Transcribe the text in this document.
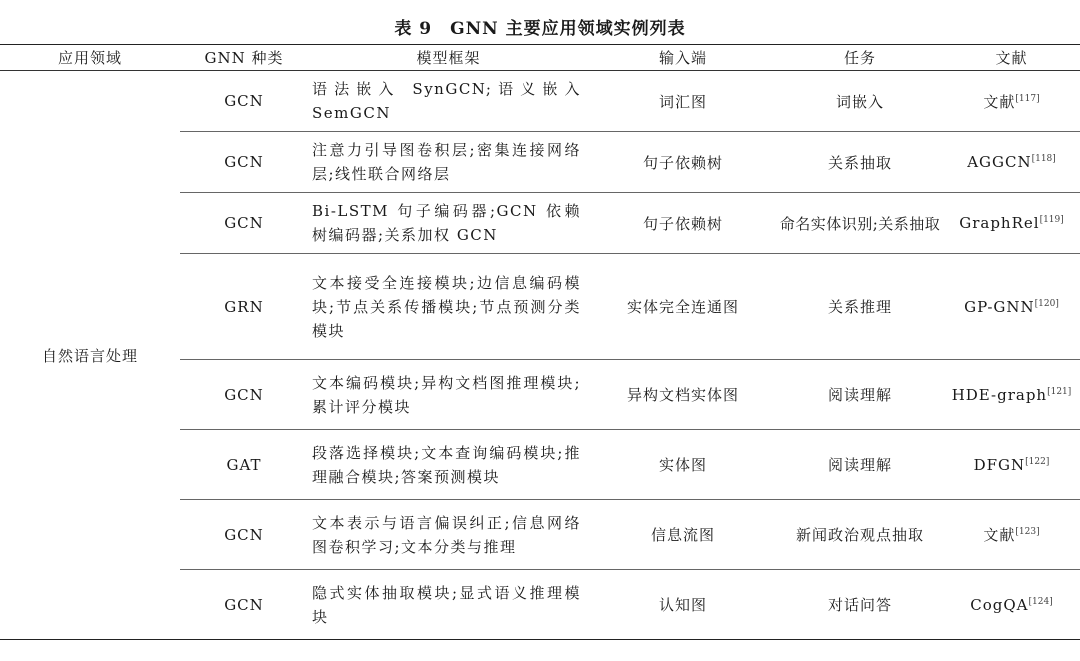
表 9　GNN 主要应用领域实例列表
应用领域	GNN 种类	模型框架	输入端	任务	文献
自然语言处理	GCN	语法嵌入 SynGCN;语义嵌入 SemGCN	词汇图	词嵌入	文献[117]
	GCN	注意力引导图卷积层;密集连接网络层;线性联合网络层	句子依赖树	关系抽取	AGGCN[118]
	GCN	Bi-LSTM 句子编码器;GCN 依赖树编码器;关系加权 GCN	句子依赖树	命名实体识别;关系抽取	GraphRel[119]
	GRN	文本接受全连接模块;边信息编码模块;节点关系传播模块;节点预测分类模块	实体完全连通图	关系推理	GP-GNN[120]
	GCN	文本编码模块;异构文档图推理模块;累计评分模块	异构文档实体图	阅读理解	HDE-graph[121]
	GAT	段落选择模块;文本查询编码模块;推理融合模块;答案预测模块	实体图	阅读理解	DFGN[122]
	GCN	文本表示与语言偏误纠正;信息网络图卷积学习;文本分类与推理	信息流图	新闻政治观点抽取	文献[123]
	GCN	隐式实体抽取模块;显式语义推理模块	认知图	对话问答	CogQA[124]
